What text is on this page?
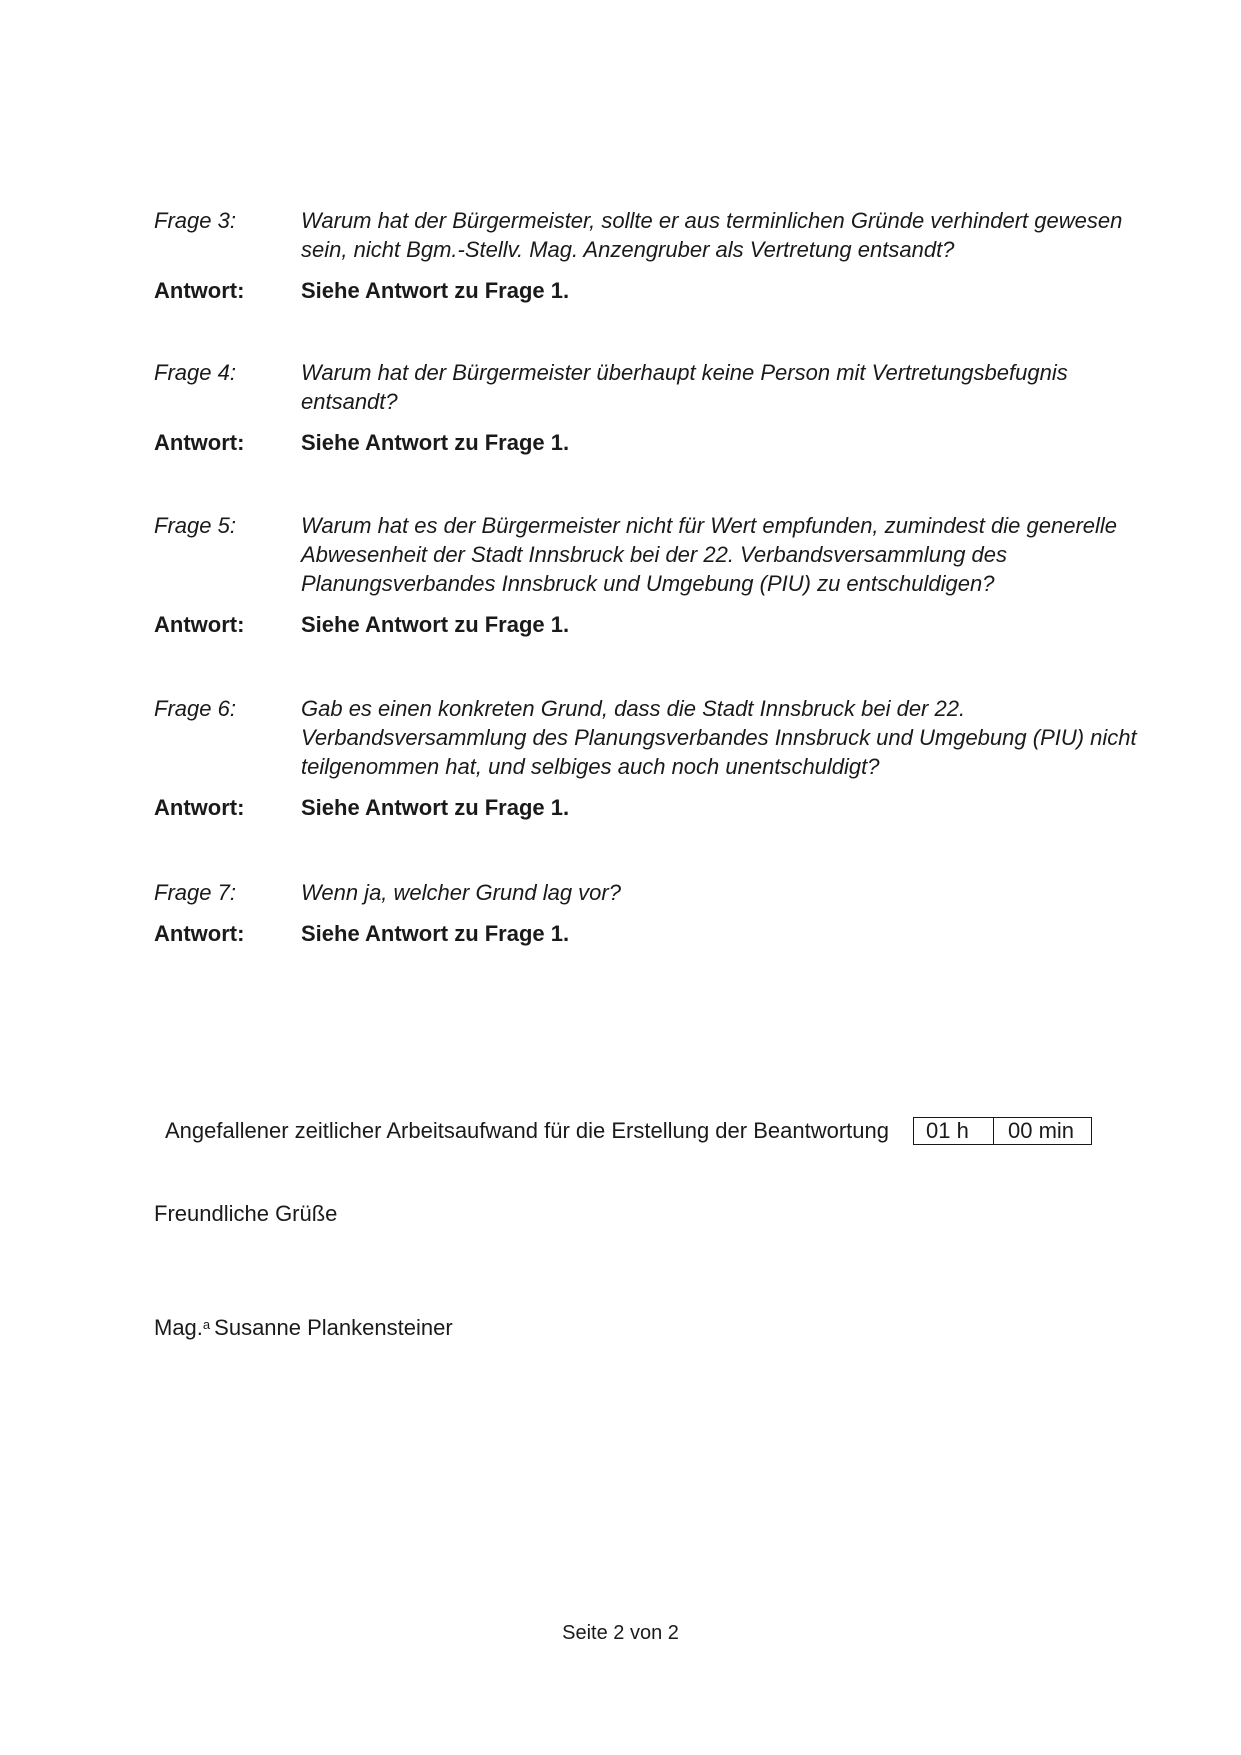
Frage 3:	Warum hat der Bürgermeister, sollte er aus terminlichen Gründe verhindert gewesen sein, nicht Bgm.-Stellv. Mag. Anzengruber als Vertretung entsandt?
Antwort:	Siehe Antwort zu Frage 1.
Frage 4:	Warum hat der Bürgermeister überhaupt keine Person mit Vertretungsbefugnis entsandt?
Antwort:	Siehe Antwort zu Frage 1.
Frage 5:	Warum hat es der Bürgermeister nicht für Wert empfunden, zumindest die generelle Abwesenheit der Stadt Innsbruck bei der 22. Verbandsversammlung des Planungsverbandes Innsbruck und Umgebung (PIU) zu entschuldigen?
Antwort:	Siehe Antwort zu Frage 1.
Frage 6:	Gab es einen konkreten Grund, dass die Stadt Innsbruck bei der 22. Verbandsversammlung des Planungsverbandes Innsbruck und Umgebung (PIU) nicht teilgenommen hat, und selbiges auch noch unentschuldigt?
Antwort:	Siehe Antwort zu Frage 1.
Frage 7:	Wenn ja, welcher Grund lag vor?
Antwort:	Siehe Antwort zu Frage 1.
Angefallener zeitlicher Arbeitsaufwand für die Erstellung der Beantwortung	01 h	00 min
Freundliche Grüße
Mag.$^a$ Susanne Plankensteiner
Seite 2 von 2
